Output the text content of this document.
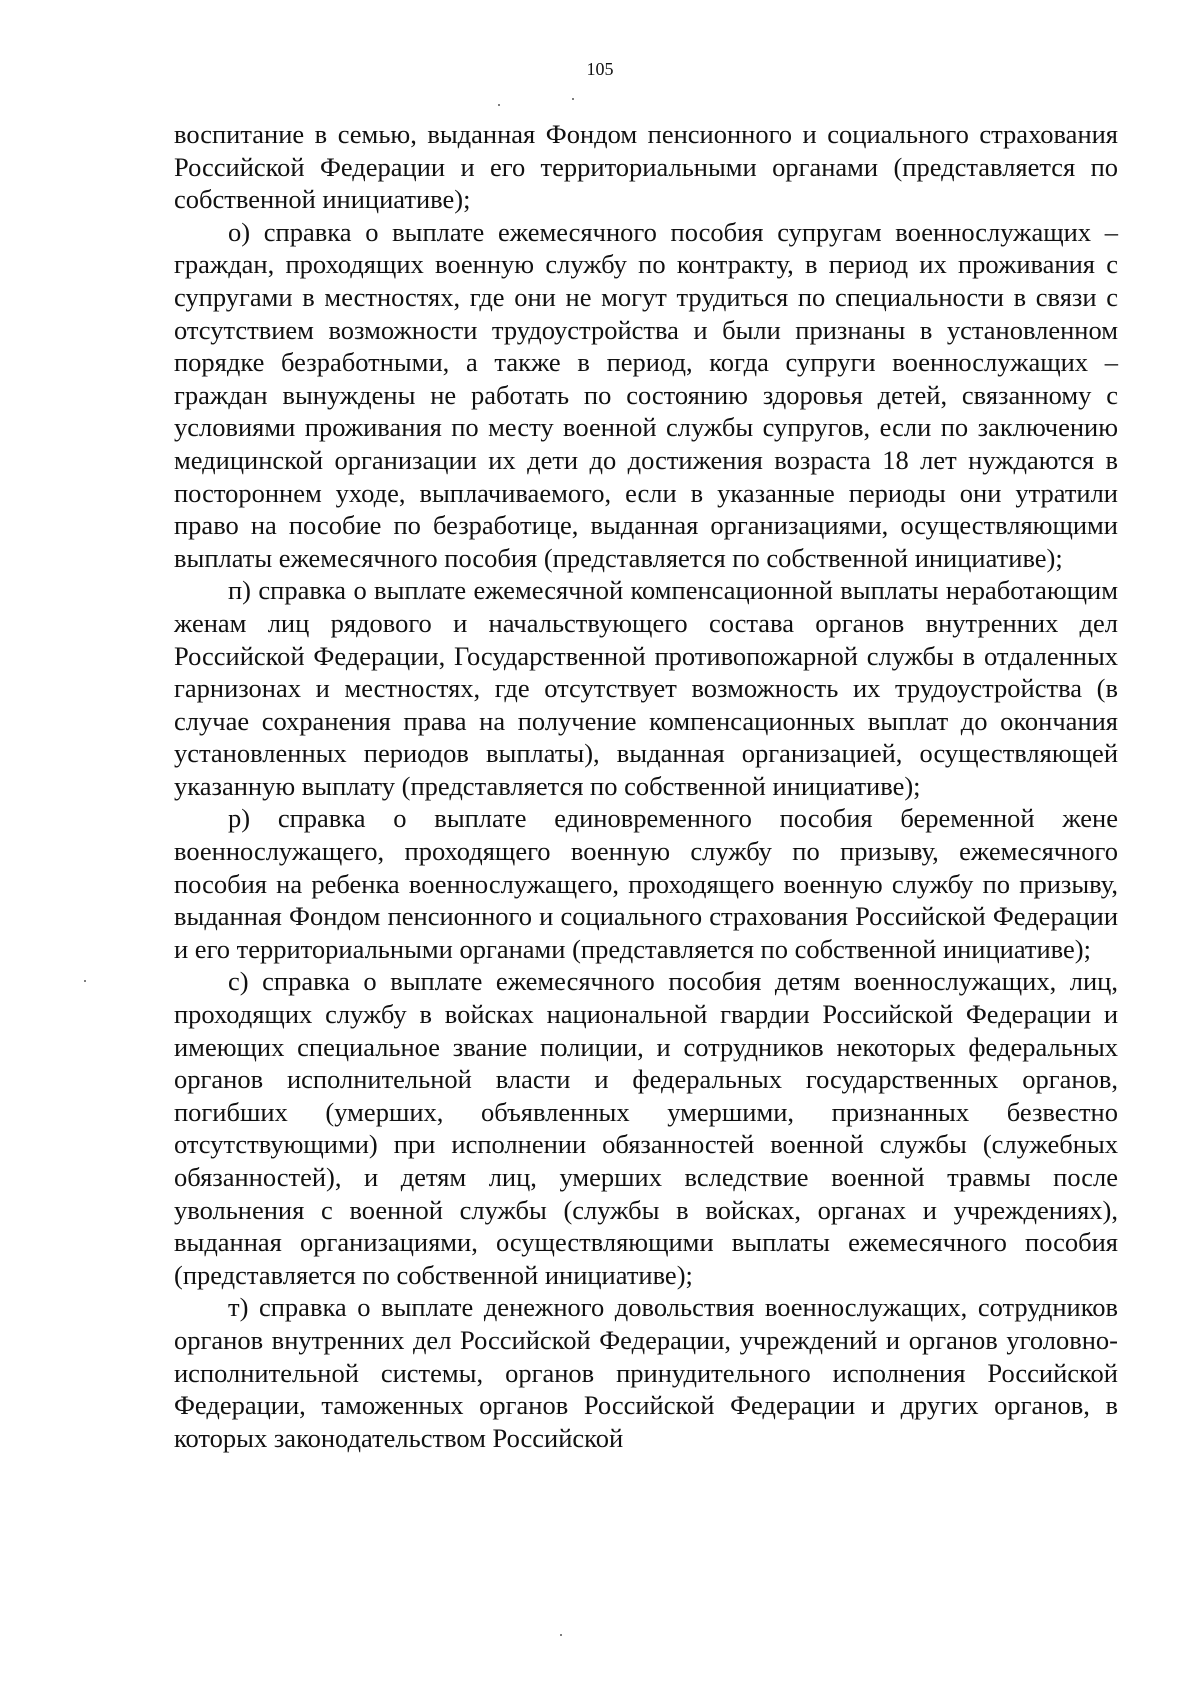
105

воспитание в семью, выданная Фондом пенсионного и социального страхования Российской Федерации и его территориальными органами (представляется по собственной инициативе);

о) справка о выплате ежемесячного пособия супругам военнослужащих – граждан, проходящих военную службу по контракту, в период их проживания с супругами в местностях, где они не могут трудиться по специальности в связи с отсутствием возможности трудоустройства и были признаны в установленном порядке безработными, а также в период, когда супруги военнослужащих – граждан вынуждены не работать по состоянию здоровья детей, связанному с условиями проживания по месту военной службы супругов, если по заключению медицинской организации их дети до достижения возраста 18 лет нуждаются в постороннем уходе, выплачиваемого, если в указанные периоды они утратили право на пособие по безработице, выданная организациями, осуществляющими выплаты ежемесячного пособия (представляется по собственной инициативе);

п) справка о выплате ежемесячной компенсационной выплаты неработающим женам лиц рядового и начальствующего состава органов внутренних дел Российской Федерации, Государственной противопожарной службы в отдаленных гарнизонах и местностях, где отсутствует возможность их трудоустройства (в случае сохранения права на получение компенсационных выплат до окончания установленных периодов выплаты), выданная организацией, осуществляющей указанную выплату (представляется по собственной инициативе);

р) справка о выплате единовременного пособия беременной жене военнослужащего, проходящего военную службу по призыву, ежемесячного пособия на ребенка военнослужащего, проходящего военную службу по призыву, выданная Фондом пенсионного и социального страхования Российской Федерации и его территориальными органами (представляется по собственной инициативе);

с) справка о выплате ежемесячного пособия детям военнослужащих, лиц, проходящих службу в войсках национальной гвардии Российской Федерации и имеющих специальное звание полиции, и сотрудников некоторых федеральных органов исполнительной власти и федеральных государственных органов, погибших (умерших, объявленных умершими, признанных безвестно отсутствующими) при исполнении обязанностей военной службы (служебных обязанностей), и детям лиц, умерших вследствие военной травмы после увольнения с военной службы (службы в войсках, органах и учреждениях), выданная организациями, осуществляющими выплаты ежемесячного пособия (представляется по собственной инициативе);

т) справка о выплате денежного довольствия военнослужащих, сотрудников органов внутренних дел Российской Федерации, учреждений и органов уголовно-исполнительной системы, органов принудительного исполнения Российской Федерации, таможенных органов Российской Федерации и других органов, в которых законодательством Российской
